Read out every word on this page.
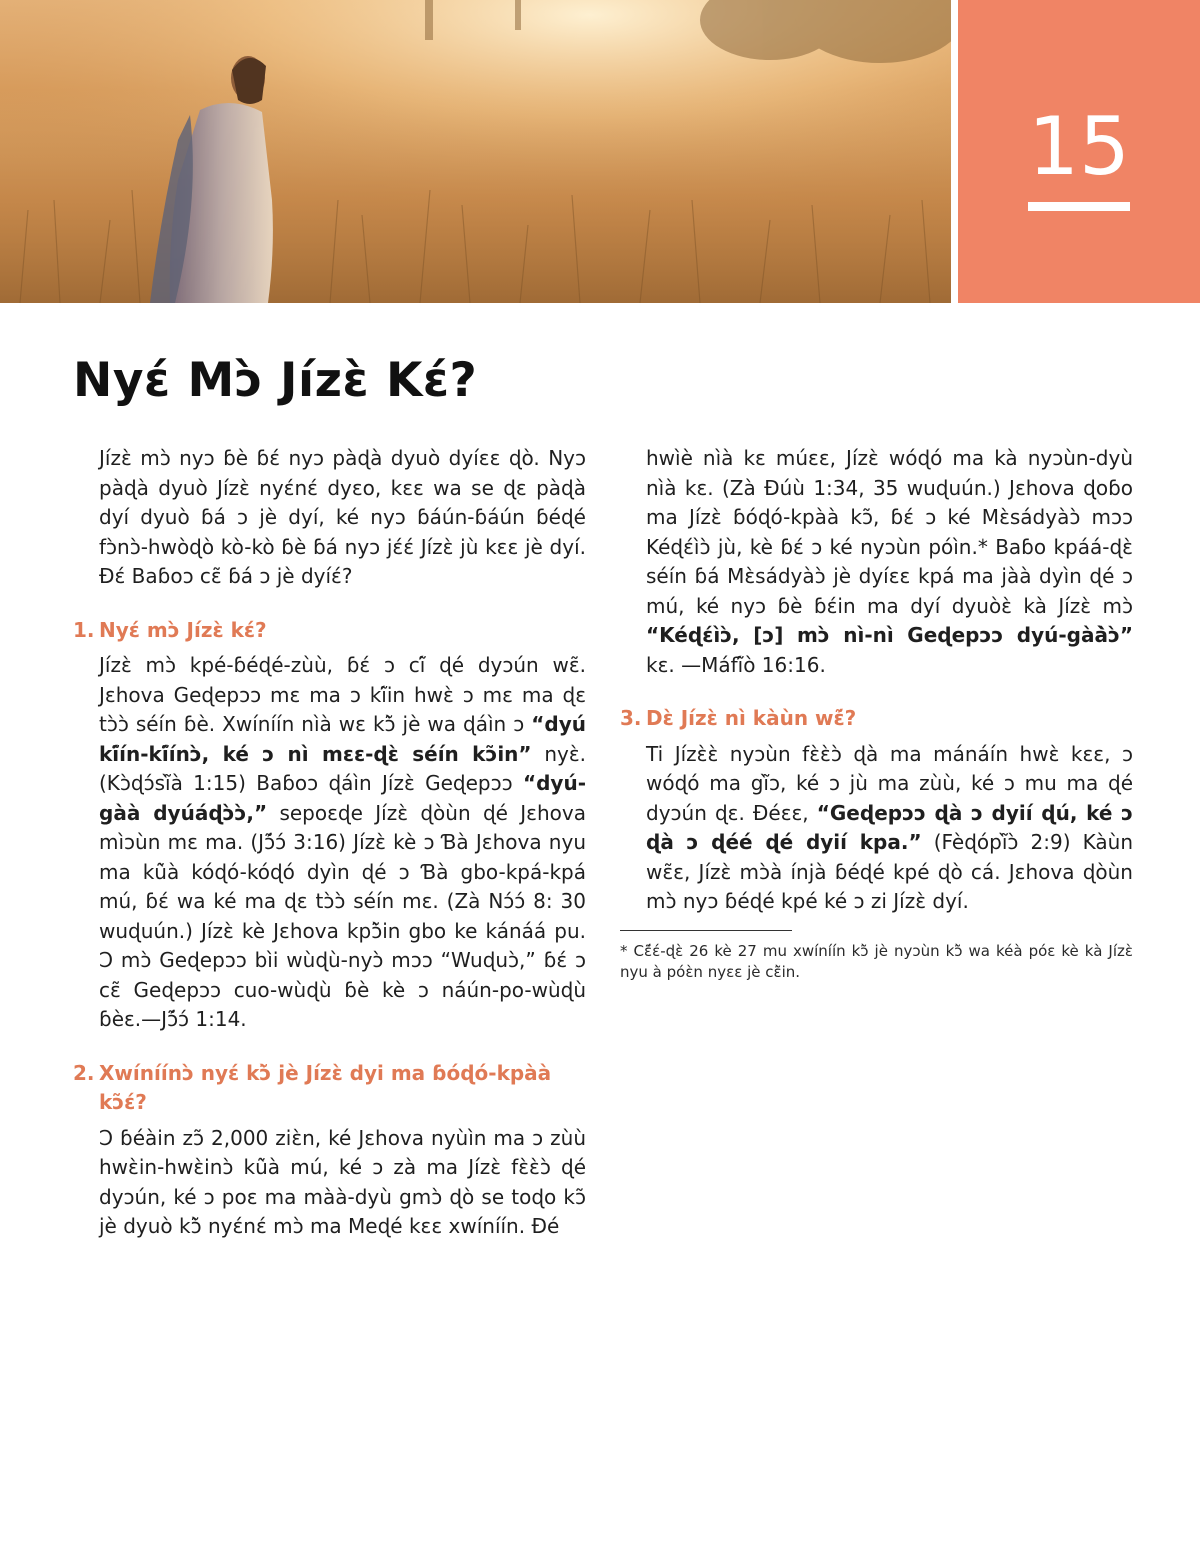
15
Nyɛ́ Mɔ̀ Jízɛ̀ Kɛ́?

Jízɛ̀ mɔ̀ nyɔ ɓè ɓɛ́ nyɔ pàɖà dyuò dyíɛɛ ɖò. Nyɔ pàɖà dyuò Jízɛ̀ nyɛ́nɛ́ dyɛo, kɛɛ wa se ɖɛ pàɖà dyí dyuò ɓá ɔ jè dyí, ké nyɔ ɓáún-ɓáún ɓéɖé fɔ̀nɔ̀-hwòɖò kò-kò ɓè ɓá nyɔ jɛ́ɛ́ Jízɛ̀ jù kɛɛ jè dyí. Ɖɛ́ Baɓoɔ cɛ̃ ɓá ɔ jè dyíɛ́?

1. Nyɛ́ mɔ̀ Jízɛ̀ kɛ́?

Jízɛ̀ mɔ̀ kpé-ɓéɖé-zùù, ɓɛ́ ɔ cĩ́ ɖé dyɔún wɛ̃. Jɛhova Geɖepɔɔ mɛ ma ɔ kĩ́in hwɛ̀ ɔ mɛ ma ɖɛ tɔ̀ɔ̀ séín ɓè. Xwíníín nìà wɛ kɔ̃̀ jè wa ɖáìn ɔ “dyú kĩ́ín-kĩ́ínɔ̀, ké ɔ nì mɛɛ-ɖɛ̀ séín kɔ̃in” nyɛ̀. (Kɔ̀ɖɔ́sĩ̀à 1:15) Baɓoɔ ɖáìn Jízɛ̀ Geɖepɔɔ “dyú-gàà dyúáɖɔ̀ɔ̀,” sepoɛɖe Jízɛ̀ ɖòùn ɖé Jɛhova mìɔùn mɛ ma. (Jɔ̃́ɔ́ 3:16) Jízɛ̀ kè ɔ Ɓà Jɛhova nyu ma kũ̀à kóɖó-kóɖó dyìn ɖé ɔ Ɓà gbo-kpá-kpá mú, ɓɛ́ wa ké ma ɖɛ tɔ̀ɔ̀ séín mɛ. (Zà Nɔ́ɔ́ 8: 30 wuɖuún.) Jízɛ̀ kè Jɛhova kpɔ̃̀in gbo ke kánáá pu. Ɔ mɔ̀ Geɖepɔɔ bìi wùɖù-nyɔ̀ mɔɔ “Wuɖuɔ̀,” ɓɛ́ ɔ cɛ̃ Geɖepɔɔ cuo-wùɖù ɓè kè ɔ náún-po-wùɖù ɓèɛ.—Jɔ̃́ɔ́ 1:14.

2. Xwíníínɔ̀ nyɛ́ kɔ̃̀ jè Jízɛ̀ dyi ma ɓóɖó-kpàà kɔ̃ɛ́?

Ɔ ɓéàin zɔ̃ 2,000 ziɛ̀n, ké Jɛhova nyùìn ma ɔ zùù hwɛ̀in-hwɛ̀inɔ̀ kũ̀à mú, ké ɔ zà ma Jízɛ̀ fɛ̀ɛ̀ɔ̀ ɖé dyɔún, ké ɔ poɛ ma màà-dyù gmɔ̀ ɖò se toɖo kɔ̃ jè dyuò kɔ̃̀ nyɛ́nɛ́ mɔ̀ ma Meɖé kɛɛ xwíníín. Ɖé

hwìè nìà kɛ múɛɛ, Jízɛ̀ wóɖó ma kà nyɔùn-dyù nìà kɛ. (Zà Ɖúù 1:34, 35 wuɖuún.) Jɛhova ɖoɓo ma Jízɛ̀ ɓóɖó-kpàà kɔ̃, ɓɛ́ ɔ ké Mɛ̀sádyàɔ̀ mɔɔ Kéɖɛ́ìɔ̀ jù, kè ɓɛ́ ɔ ké nyɔùn póìn.* Baɓo kpáá-ɖɛ̀ séín ɓá Mɛ̀sádyàɔ̀ jè dyíɛɛ kpá ma jàà dyìn ɖé ɔ mú, ké nyɔ ɓè ɓɛ́in ma dyí dyuòɛ̀ kà Jízɛ̀ mɔ̀ “Kéɖɛ́ìɔ̀, [ɔ] mɔ̀ nì-nì Geɖepɔɔ dyú-gàà̀ɔ̀” kɛ. —Máfĩ́ò 16:16.

3. Dɛ̀ Jízɛ̀ nì kàùn wɛ̃́?

Ti Jízɛ̀ɛ̀ nyɔùn fɛ̀ɛ̀ɔ̀ ɖà ma mánáín hwɛ̀ kɛɛ, ɔ wóɖó ma gĩ̀ɔ, ké ɔ jù ma zùù, ké ɔ mu ma ɖé dyɔún ɖɛ. Ɖéɛɛ, “Geɖepɔɔ ɖà ɔ dyií ɖú, ké ɔ ɖà ɔ ɖéé ɖé dyií kpa.” (Fèɖópĩ̀ɔ̀ 2:9) Kàùn wɛ̃ɛ, Jízɛ̀ mɔ̀à ínjà ɓéɖé kpé ɖò cá. Jɛhova ɖòùn mɔ̀ nyɔ ɓéɖé kpé ké ɔ zi Jízɛ̀ dyí.

* Cɛ̃́ɛ́-ɖɛ̀ 26 kè 27 mu xwíníín kɔ̃̀ jè nyɔùn kɔ̃̀ wa kéà póɛ kè kà Jízɛ̀ nyu à póɛ̀n nyɛɛ jè cɛ̃̀in.
